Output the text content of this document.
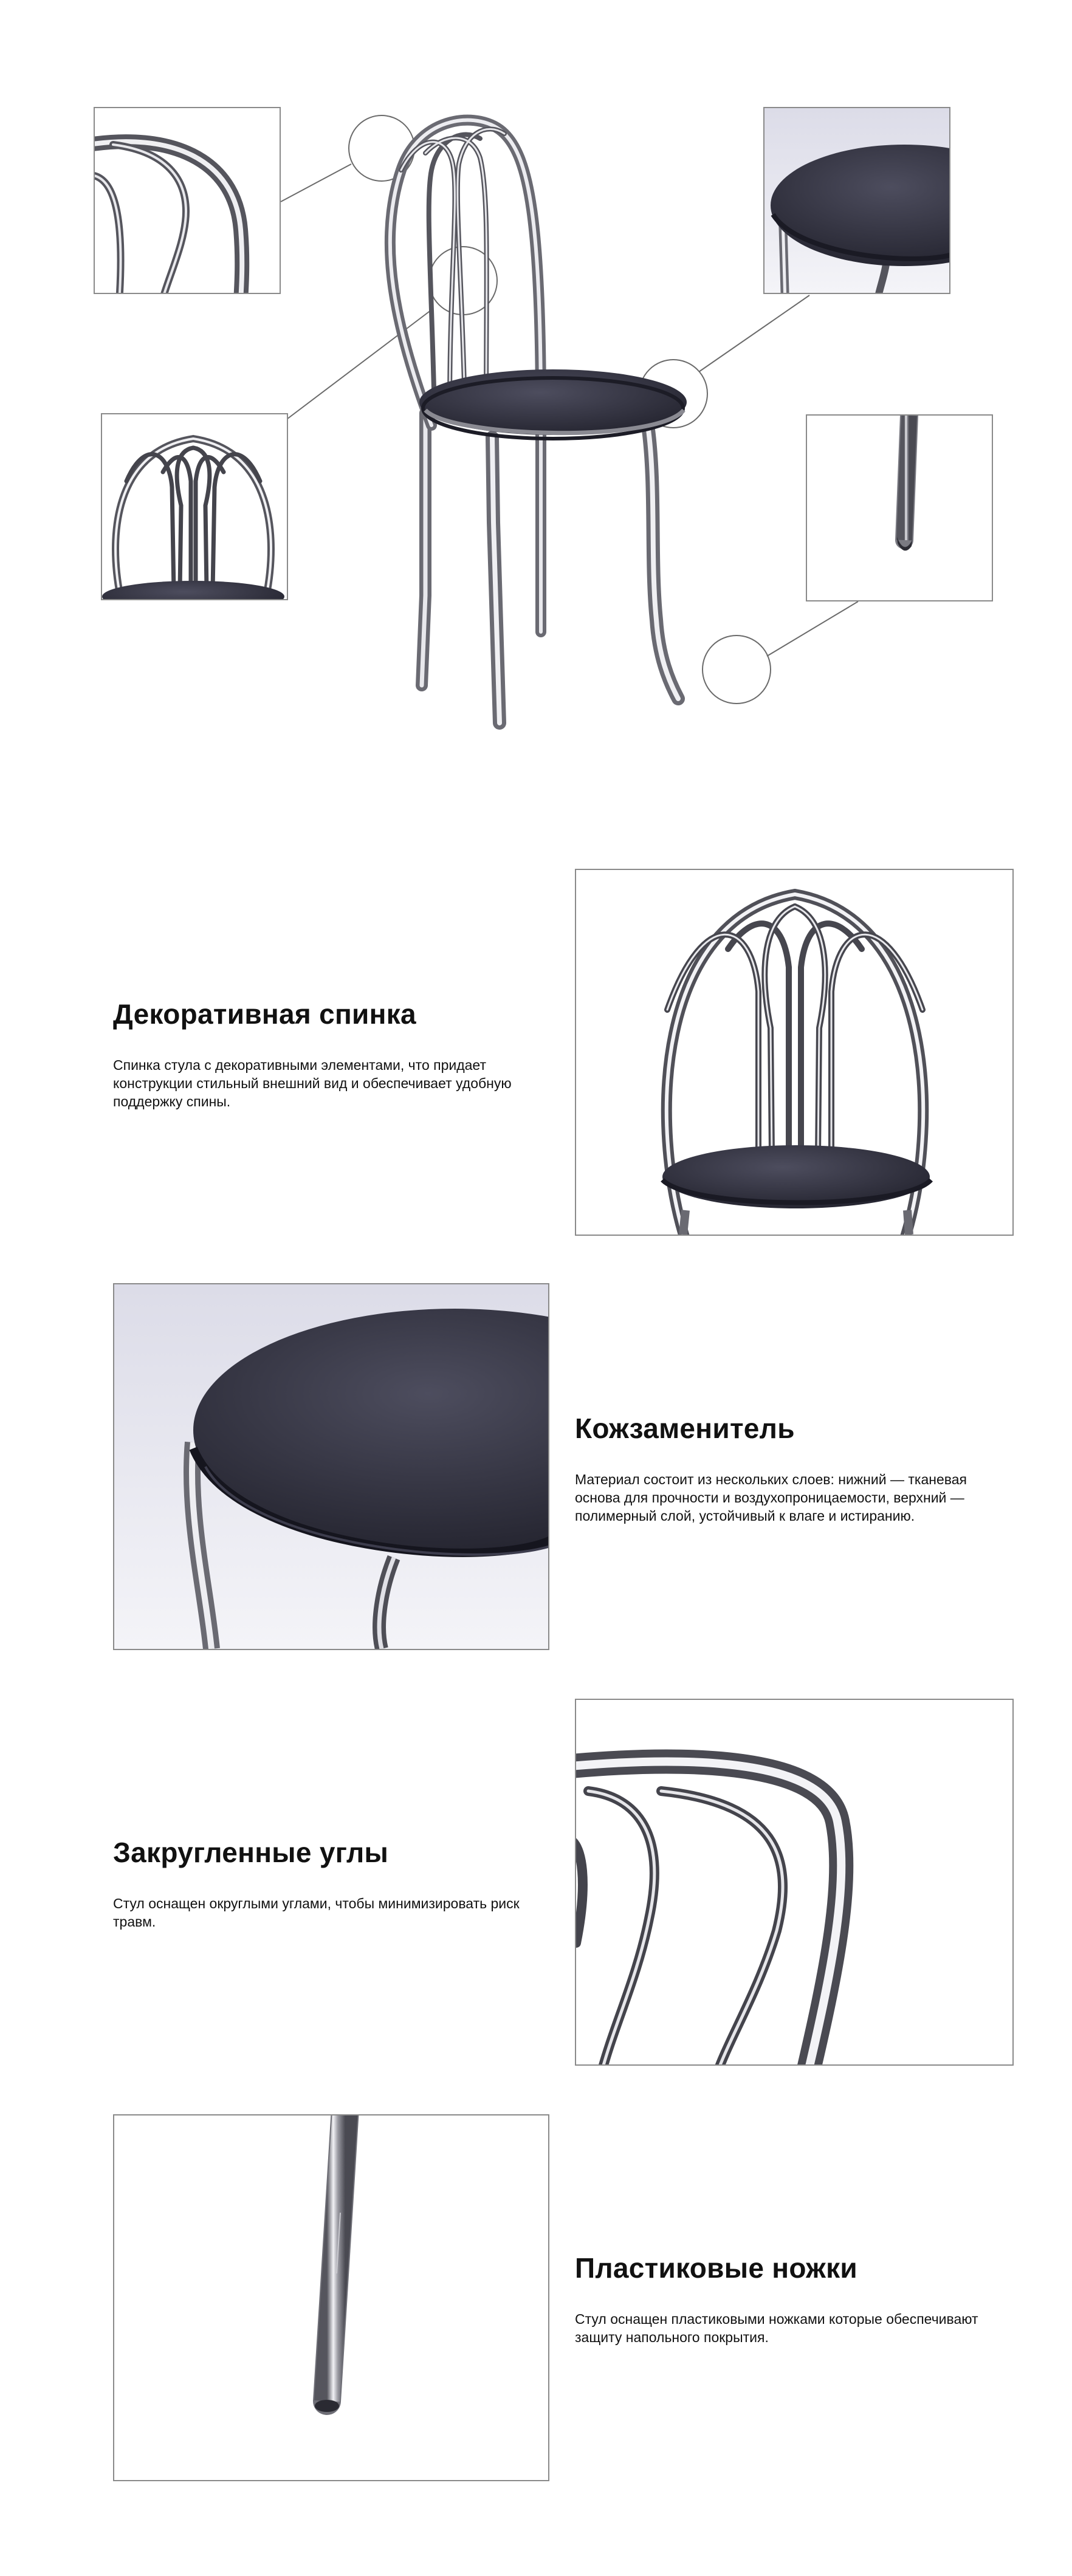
Декоративная спинка

Спинка стула с декоративными элементами, что придает конструкции стильный внешний вид и обеспечивает удобную поддержку спины.

Кожзаменитель

Материал состоит из нескольких слоев: нижний — тканевая основа для прочности и воздухопроницаемости, верхний — полимерный слой, устойчивый к влаге и истиранию.

Закругленные углы

Стул оснащен округлыми углами, чтобы минимизировать риск травм.

Пластиковые ножки

Стул оснащен пластиковыми ножками которые обеспечивают защиту напольного покрытия.
